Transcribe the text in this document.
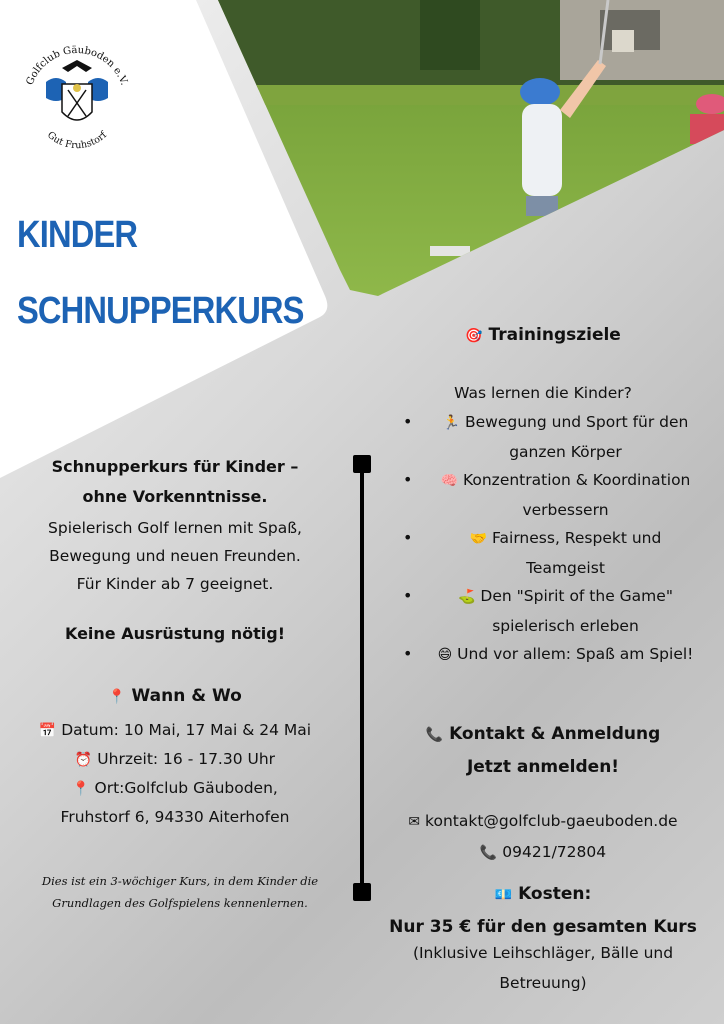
Golfclub Gäuboden e.V.
Gut Fruhstorf
KINDER
SCHNUPPERKURS
Schnupperkurs für Kinder –
ohne Vorkenntnisse.
Spielerisch Golf lernen mit Spaß,
Bewegung und neuen Freunden.
Für Kinder ab 7 geeignet.
Keine Ausrüstung nötig!
📍 Wann & Wo
📅 Datum: 10 Mai, 17 Mai & 24 Mai
⏰ Uhrzeit: 16 - 17.30 Uhr
📍 Ort:Golfclub Gäuboden,
Fruhstorf 6, 94330 Aiterhofen
Dies ist ein 3-wöchiger Kurs, in dem Kinder die
Grundlagen des Golfspielens kennenlernen.
🎯 Trainingsziele
Was lernen die Kinder?
• 🏃 Bewegung und Sport für den ganzen Körper
• 🧠 Konzentration & Koordination verbessern
• 🤝 Fairness, Respekt und Teamgeist
• ⛳ Den "Spirit of the Game" spielerisch erleben
• 😄 Und vor allem: Spaß am Spiel!
📞 Kontakt & Anmeldung
Jetzt anmelden!
✉ kontakt@golfclub-gaeuboden.de
📞 09421/72804
💶 Kosten:
Nur 35 € für den gesamten Kurs
(Inklusive Leihschläger, Bälle und
Betreuung)
